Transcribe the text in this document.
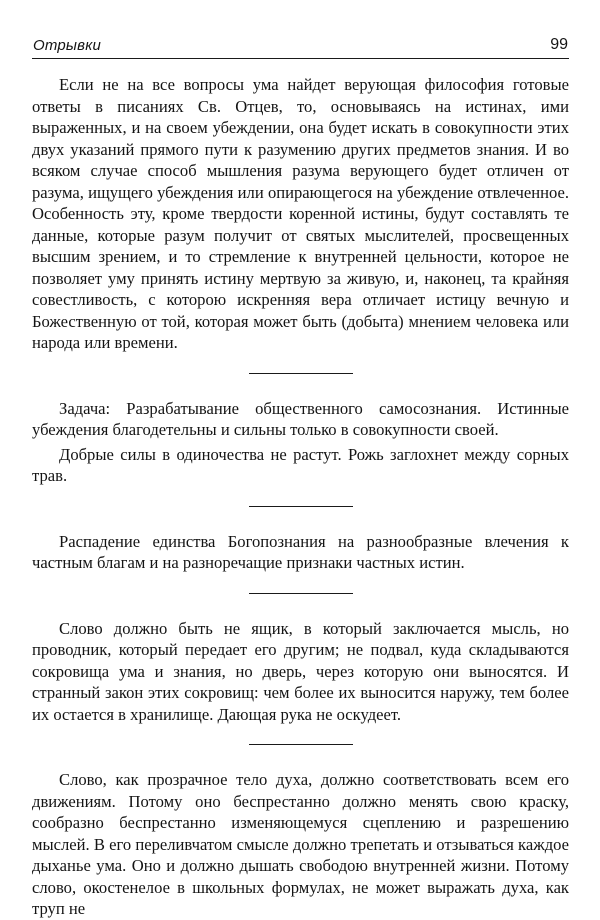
Отрывки	99

Если не на все вопросы ума найдет верующая философия готовые ответы в писаниях Св. Отцев, то, основываясь на истинах, ими выраженных, и на своем убеждении, она будет искать в совокупности этих двух указаний прямого пути к разумению других предметов знания. И во всяком случае способ мышления разума верующего будет отличен от разума, ищущего убеждения или опирающегося на убеждение отвлеченное. Особенность эту, кроме твердости коренной истины, будут составлять те данные, которые разум получит от святых мыслителей, просвещенных высшим зрением, и то стремление к внутренней цельности, которое не позволяет уму принять истину мертвую за живую, и, наконец, та крайняя совестливость, с которою искренняя вера отличает истицу вечную и Божественную от той, которая может быть (добыта) мнением человека или народа или времени.

Задача: Разрабатывание общественного самосознания. Истинные убеждения благодетельны и сильны только в совокупности своей.

Добрые силы в одиночества не растут. Рожь заглохнет между сорных трав.

Распадение единства Богопознания на разнообразные влечения к частным благам и на разноречащие признаки частных истин.

Слово должно быть не ящик, в который заключается мысль, но проводник, который передает его другим; не подвал, куда складываются сокровища ума и знания, но дверь, через которую они выносятся. И странный закон этих сокровищ: чем более их выносится наружу, тем более их остается в хранилище. Дающая рука не оскудеет.

Слово, как прозрачное тело духа, должно соответствовать всем его движениям. Потому оно беспрестанно должно менять свою краску, сообразно беспрестанно изменяющемуся сцеплению и разрешению мыслей. В его переливчатом смысле должно трепетать и отзываться каждое дыханье ума. Оно и должно дышать свободою внутренней жизни. Потому слово, окостенелое в школьных формулах, не может выражать духа, как труп не
